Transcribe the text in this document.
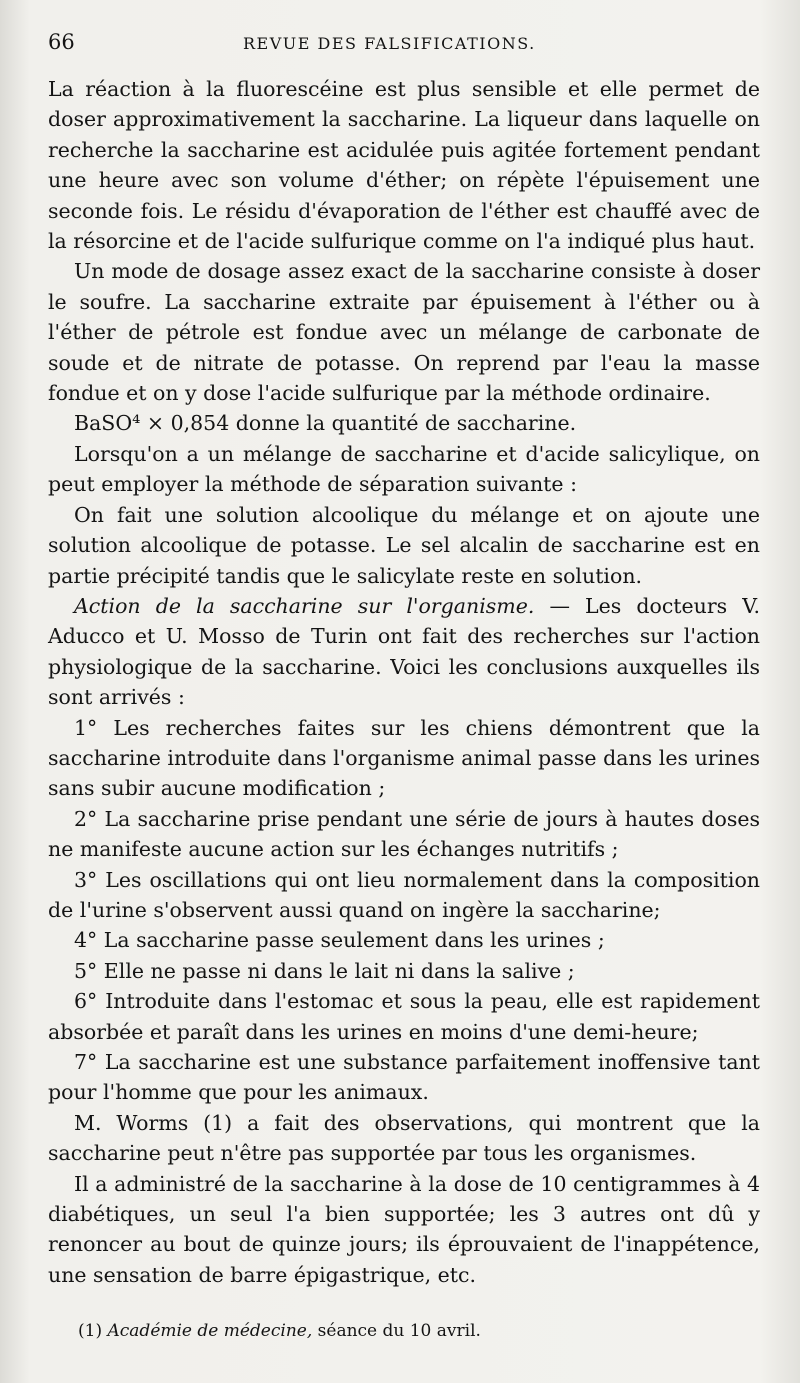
66	REVUE DES FALSIFICATIONS.

La réaction à la fluorescéine est plus sensible et elle permet de doser approximativement la saccharine. La liqueur dans laquelle on recherche la saccharine est acidulée puis agitée fortement pendant une heure avec son volume d'éther; on répète l'épuisement une seconde fois. Le résidu d'évaporation de l'éther est chauffé avec de la résorcine et de l'acide sulfurique comme on l'a indiqué plus haut.

Un mode de dosage assez exact de la saccharine consiste à doser le soufre. La saccharine extraite par épuisement à l'éther ou à l'éther de pétrole est fondue avec un mélange de carbonate de soude et de nitrate de potasse. On reprend par l'eau la masse fondue et on y dose l'acide sulfurique par la méthode ordinaire.

BaSO⁴ × 0,854 donne la quantité de saccharine.

Lorsqu'on a un mélange de saccharine et d'acide salicylique, on peut employer la méthode de séparation suivante :

On fait une solution alcoolique du mélange et on ajoute une solution alcoolique de potasse. Le sel alcalin de saccharine est en partie précipité tandis que le salicylate reste en solution.

Action de la saccharine sur l'organisme. — Les docteurs V. Aducco et U. Mosso de Turin ont fait des recherches sur l'action physiologique de la saccharine. Voici les conclusions auxquelles ils sont arrivés :

1° Les recherches faites sur les chiens démontrent que la saccharine introduite dans l'organisme animal passe dans les urines sans subir aucune modification ;

2° La saccharine prise pendant une série de jours à hautes doses ne manifeste aucune action sur les échanges nutritifs ;

3° Les oscillations qui ont lieu normalement dans la composition de l'urine s'observent aussi quand on ingère la saccharine;

4° La saccharine passe seulement dans les urines ;

5° Elle ne passe ni dans le lait ni dans la salive ;

6° Introduite dans l'estomac et sous la peau, elle est rapidement absorbée et paraît dans les urines en moins d'une demi-heure;

7° La saccharine est une substance parfaitement inoffensive tant pour l'homme que pour les animaux.

M. Worms (1) a fait des observations, qui montrent que la saccharine peut n'être pas supportée par tous les organismes.

Il a administré de la saccharine à la dose de 10 centigrammes à 4 diabétiques, un seul l'a bien supportée; les 3 autres ont dû y renoncer au bout de quinze jours; ils éprouvaient de l'inappétence, une sensation de barre épigastrique, etc.

(1) Académie de médecine, séance du 10 avril.
